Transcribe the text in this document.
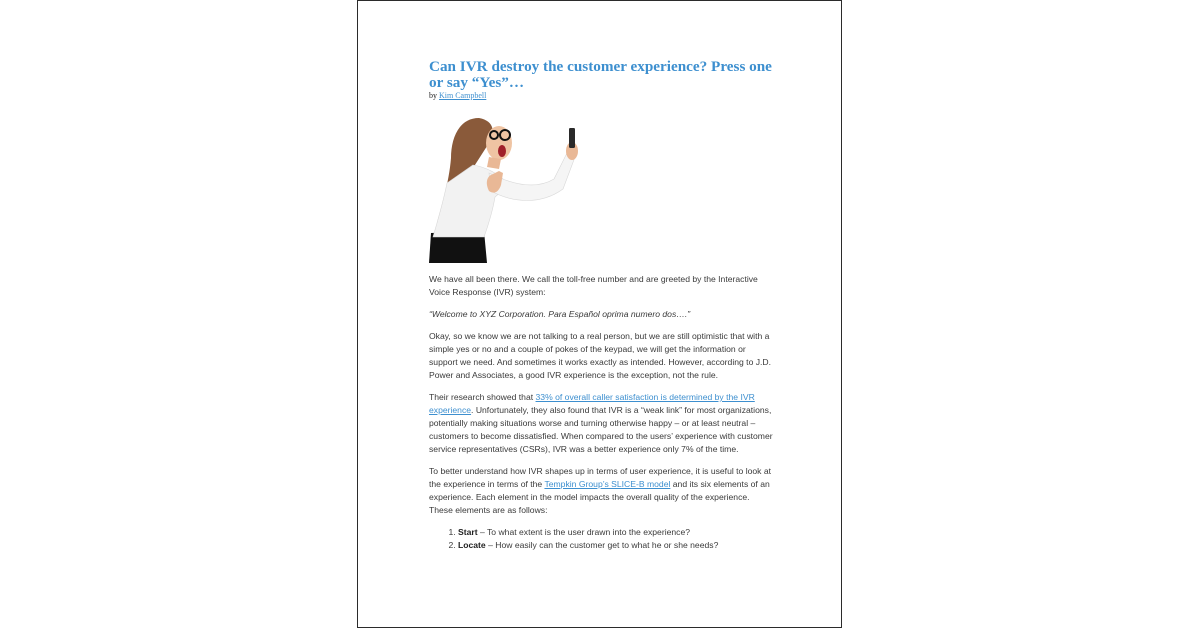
Can IVR destroy the customer experience? Press one or say “Yes”…

by Kim Campbell

We have all been there. We call the toll-free number and are greeted by the Interactive Voice Response (IVR) system:

“Welcome to XYZ Corporation. Para Español oprima numero dos….”

Okay, so we know we are not talking to a real person, but we are still optimistic that with a simple yes or no and a couple of pokes of the keypad, we will get the information or support we need. And sometimes it works exactly as intended. However, according to J.D. Power and Associates, a good IVR experience is the exception, not the rule.

Their research showed that 33% of overall caller satisfaction is determined by the IVR experience. Unfortunately, they also found that IVR is a “weak link” for most organizations, potentially making situations worse and turning otherwise happy – or at least neutral – customers to become dissatisfied. When compared to the users’ experience with customer service representatives (CSRs), IVR was a better experience only 7% of the time.

To better understand how IVR shapes up in terms of user experience, it is useful to look at the experience in terms of the Tempkin Group’s SLICE-B model and its six elements of an experience. Each element in the model impacts the overall quality of the experience. These elements are as follows:

1. Start – To what extent is the user drawn into the experience?
2. Locate – How easily can the customer get to what he or she needs?
